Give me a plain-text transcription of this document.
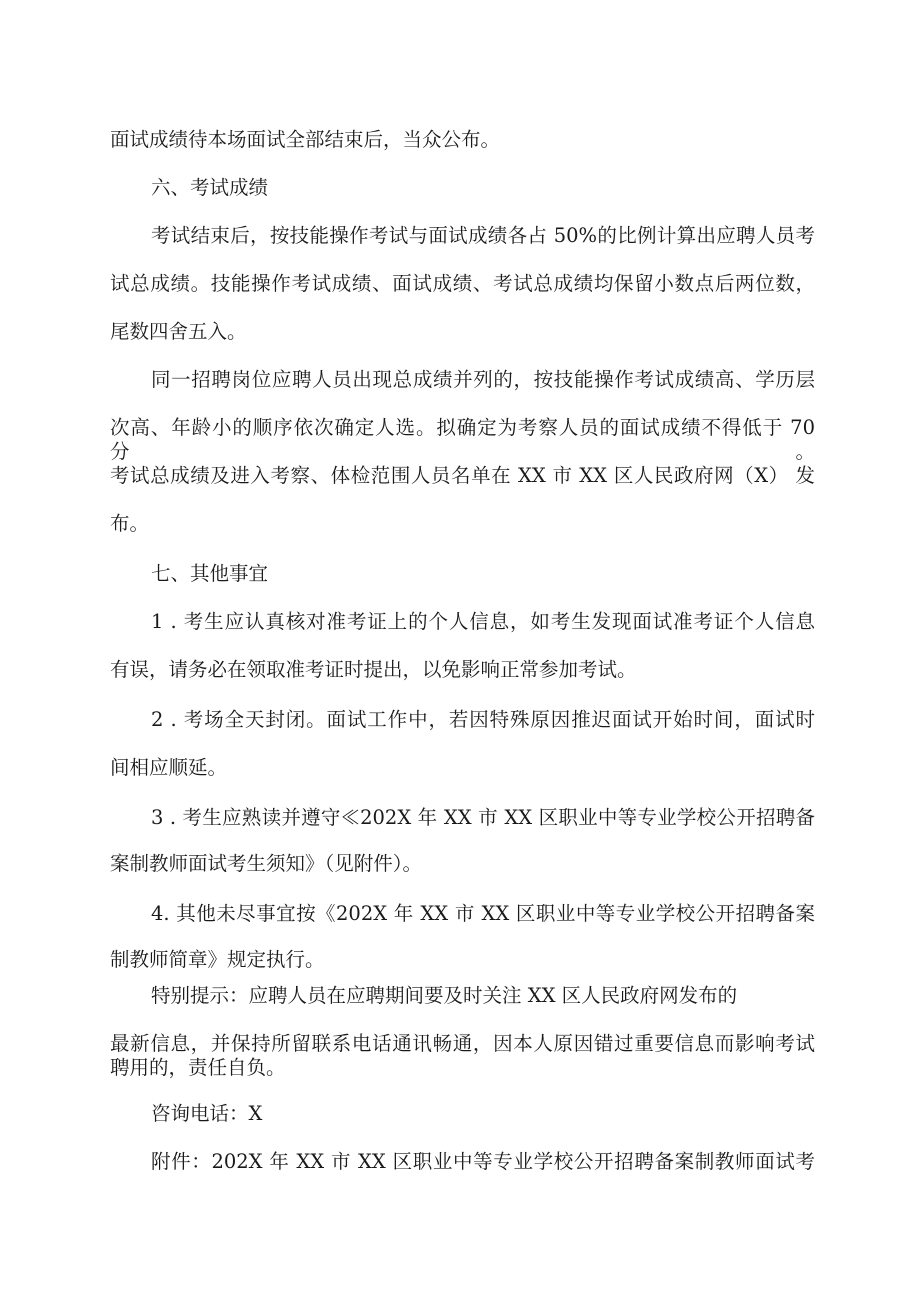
面试成绩待本场面试全部结束后，当众公布。

六、考试成绩

考试结束后，按技能操作考试与面试成绩各占 50%的比例计算出应聘人员考

试总成绩。技能操作考试成绩、面试成绩、考试总成绩均保留小数点后两位数，

尾数四舍五入。

同一招聘岗位应聘人员出现总成绩并列的，按技能操作考试成绩高、学历层

次高、年龄小的顺序依次确定人选。拟确定为考察人员的面试成绩不得低于 70 分。

考试总成绩及进入考察、体检范围人员名单在 XX 市 XX 区人民政府网（X） 发

布。

七、其他事宜

1 . 考生应认真核对准考证上的个人信息，如考生发现面试准考证个人信息

有误，请务必在领取准考证时提出，以免影响正常参加考试。

2 . 考场全天封闭。面试工作中，若因特殊原因推迟面试开始时间，面试时

间相应顺延。

3 . 考生应熟读并遵守≪202X 年 XX 市 XX 区职业中等专业学校公开招聘备

案制教师面试考生须知》（见附件）。

4. 其他未尽事宜按《202X 年 XX 市 XX 区职业中等专业学校公开招聘备案

制教师简章》规定执行。

特别提示：应聘人员在应聘期间要及时关注 XX 区人民政府网发布的

最新信息，并保持所留联系电话通讯畅通，因本人原因错过重要信息而影响考试

聘用的，责任自负。

咨询电话：X

附件：202X 年 XX 市 XX 区职业中等专业学校公开招聘备案制教师面试考
